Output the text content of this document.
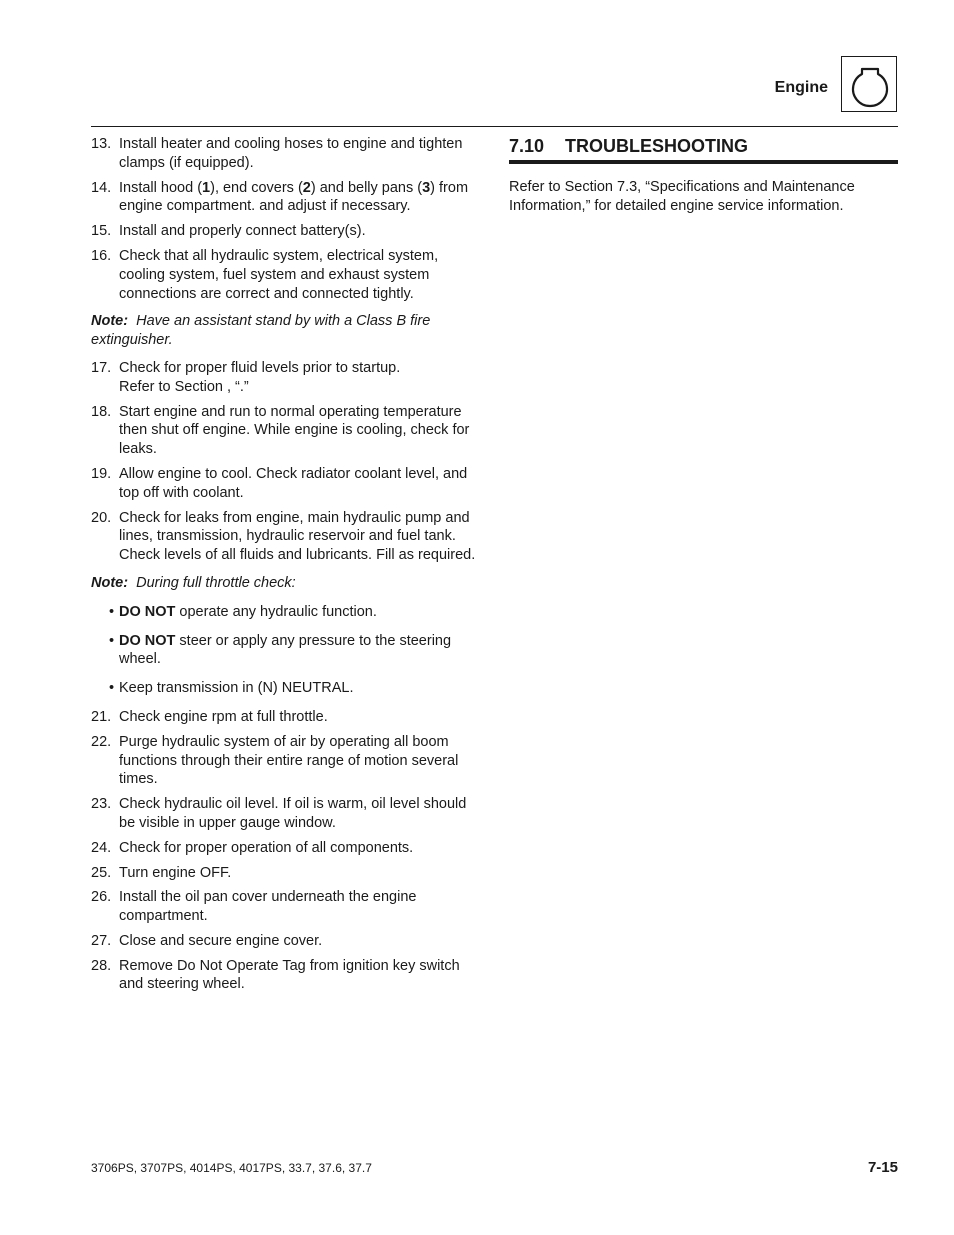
Engine
13. Install heater and cooling hoses to engine and tighten clamps (if equipped).
14. Install hood (1), end covers (2) and belly pans (3) from engine compartment. and adjust if necessary.
15. Install and properly connect battery(s).
16. Check that all hydraulic system, electrical system, cooling system, fuel system and exhaust system connections are correct and connected tightly.
Note: Have an assistant stand by with a Class B fire extinguisher.
17. Check for proper fluid levels prior to startup.
Refer to Section , “.”
18. Start engine and run to normal operating temperature then shut off engine. While engine is cooling, check for leaks.
19. Allow engine to cool. Check radiator coolant level, and top off with coolant.
20. Check for leaks from engine, main hydraulic pump and lines, transmission, hydraulic reservoir and fuel tank. Check levels of all fluids and lubricants. Fill as required.
Note: During full throttle check:
• DO NOT operate any hydraulic function.
• DO NOT steer or apply any pressure to the steering wheel.
• Keep transmission in (N) NEUTRAL.
21. Check engine rpm at full throttle.
22. Purge hydraulic system of air by operating all boom functions through their entire range of motion several times.
23. Check hydraulic oil level. If oil is warm, oil level should be visible in upper gauge window.
24. Check for proper operation of all components.
25. Turn engine OFF.
26. Install the oil pan cover underneath the engine compartment.
27. Close and secure engine cover.
28. Remove Do Not Operate Tag from ignition key switch and steering wheel.
7.10 TROUBLESHOOTING
Refer to Section 7.3, “Specifications and Maintenance Information,” for detailed engine service information.
3706PS, 3707PS, 4014PS, 4017PS, 33.7, 37.6, 37.7	7-15
